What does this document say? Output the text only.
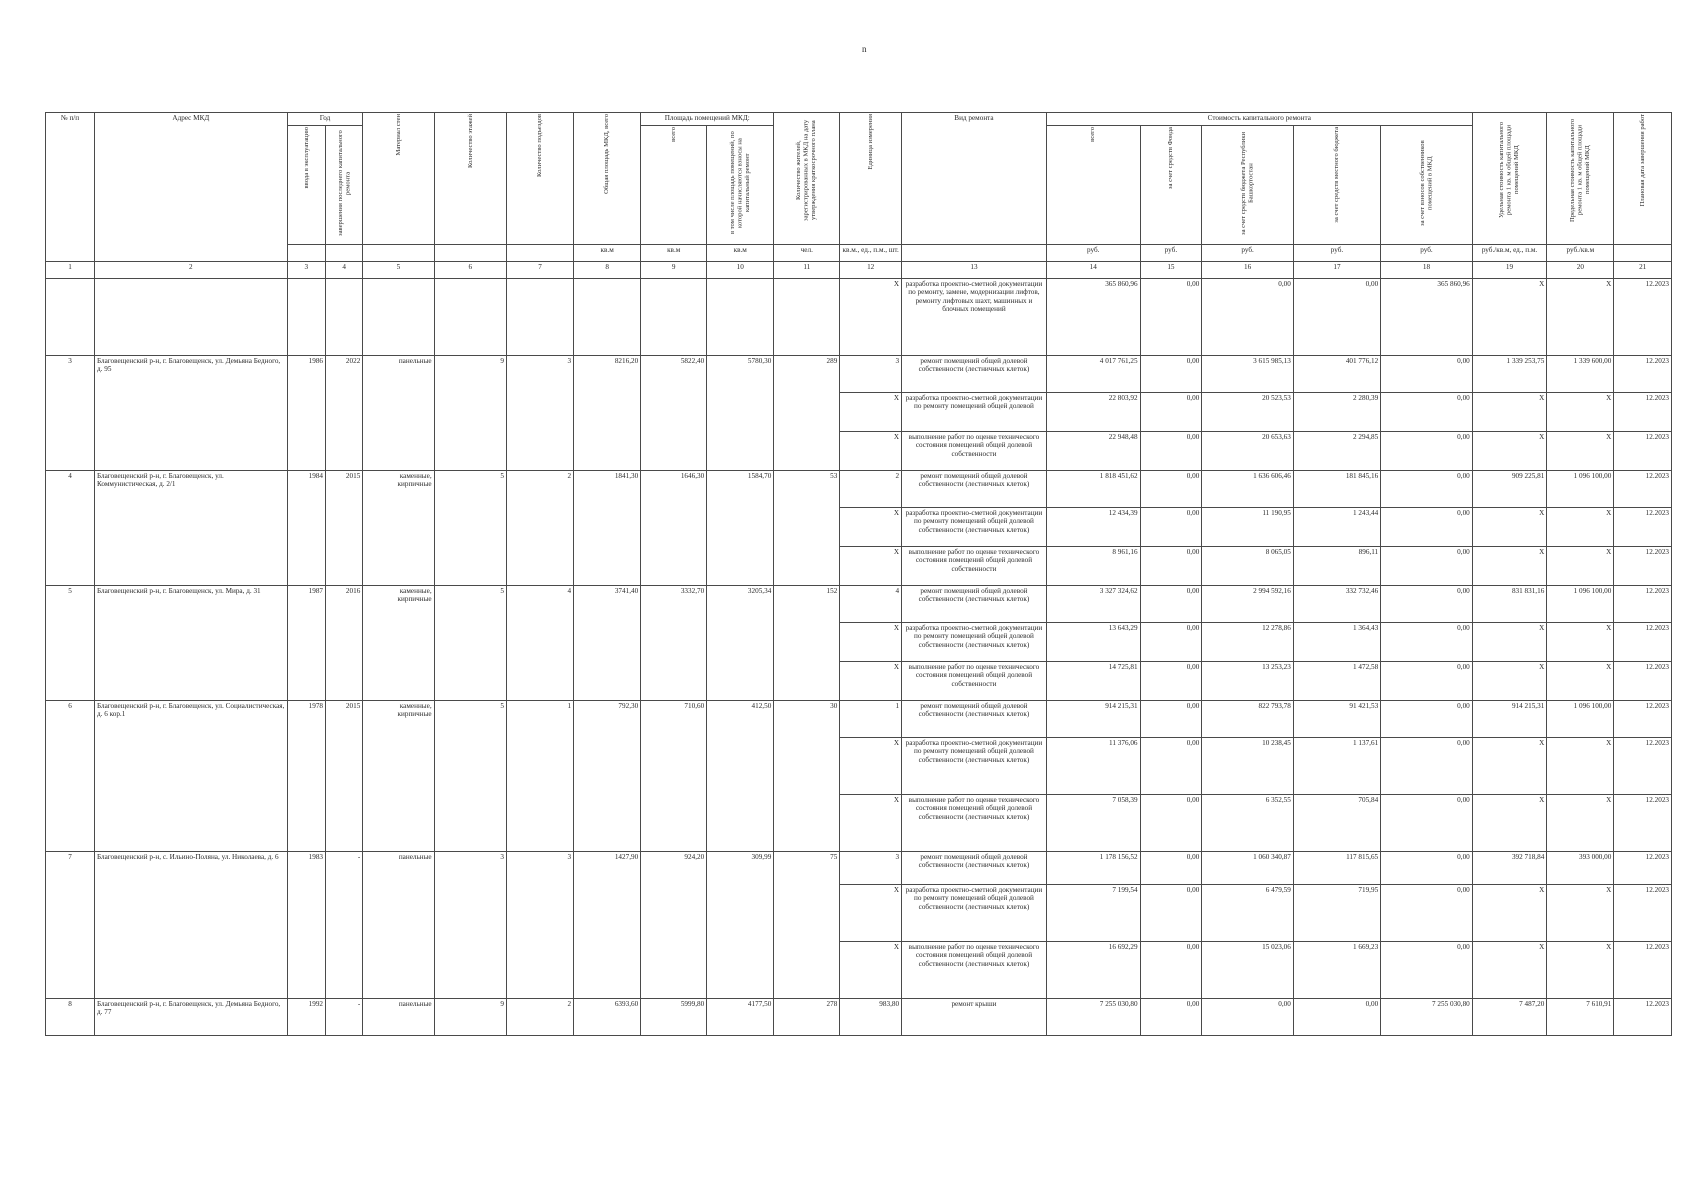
n
№ п/п	Адрес МКД	Год		Материал стен	Количество этажей	Количество подъездов	Общая площадь МКД, всего	Площадь помещений МКД:		Количество жителей, зарегистрированных в МКД на дату утверждения краткосрочного плана	Единица измерения	Вид ремонта	Стоимость капитального ремонта					Удельная стоимость капитального ремонта 1 кв. м общей площади помещений МКД	Предельная стоимость капитального ремонта 1 кв. м общей площади помещений МКД	Плановая дата завершения работ

		ввода в эксплуатацию	завершения последнего капитального ремонта					всего	в том числе площадь помещений, по которой начисляются взносы на капитальный ремонт				всего	за счет средств Фонда	за счет средств бюджета Республики Башкортостан	за счет средств местного бюджета	за счет взносов собственников помещений в МКД			

							кв.м	кв.м	кв.м	чел.	кв.м., ед., п.м., шт.		руб.	руб.	руб.	руб.	руб.	руб./кв.м, ед., п.м.	руб./кв.м	
1	2	3	4	5	6	7	8	9	10	11	12	13	14	15	16	17	18	19	20	21
											X	разработка проектно-сметной документации по ремонту, замене, модернизации лифтов, ремонту лифтовых шахт, машинных и блочных помещений	365 860,96	0,00	0,00	0,00	365 860,96	X	X	12.2023
3	Благовещенский р-н, г. Благовещенск, ул. Демьяна Бедного, д. 95	1986	2022	панельные	9	3	8216,20	5822,40	5780,30	289	3	ремонт помещений общей долевой собственности (лестничных клеток)	4 017 761,25	0,00	3 615 985,13	401 776,12	0,00	1 339 253,75	1 339 600,00	12.2023
											X	разработка проектно-сметной документации по ремонту помещений общей долевой	22 803,92	0,00	20 523,53	2 280,39	0,00	X	X	12.2023
											X	выполнение работ по оценке технического состояния помещений общей долевой собственности	22 948,48	0,00	20 653,63	2 294,85	0,00	X	X	12.2023
4	Благовещенский р-н, г. Благовещенск, ул. Коммунистическая, д. 2/1	1984	2015	каменные, кирпичные	5	2	1841,30	1646,30	1584,70	53	2	ремонт помещений общей долевой собственности (лестничных клеток)	1 818 451,62	0,00	1 636 606,46	181 845,16	0,00	909 225,81	1 096 100,00	12.2023
											X	разработка проектно-сметной документации по ремонту помещений общей долевой собственности (лестничных клеток)	12 434,39	0,00	11 190,95	1 243,44	0,00	X	X	12.2023
											X	выполнение работ по оценке технического состояния помещений общей долевой собственности	8 961,16	0,00	8 065,05	896,11	0,00	X	X	12.2023
5	Благовещенский р-н, г. Благовещенск, ул. Мира, д. 31	1987	2016	каменные, кирпичные	5	4	3741,40	3332,70	3205,34	152	4	ремонт помещений общей долевой собственности (лестничных клеток)	3 327 324,62	0,00	2 994 592,16	332 732,46	0,00	831 831,16	1 096 100,00	12.2023
											X	разработка проектно-сметной документации по ремонту помещений общей долевой собственности (лестничных клеток)	13 643,29	0,00	12 278,86	1 364,43	0,00	X	X	12.2023
											X	выполнение работ по оценке технического состояния помещений общей долевой собственности	14 725,81	0,00	13 253,23	1 472,58	0,00	X	X	12.2023
6	Благовещенский р-н, г. Благовещенск, ул. Социалистическая, д. 6 кор.1	1978	2015	каменные, кирпичные	5	1	792,30	710,60	412,50	30	1	ремонт помещений общей долевой собственности (лестничных клеток)	914 215,31	0,00	822 793,78	91 421,53	0,00	914 215,31	1 096 100,00	12.2023
											X	разработка проектно-сметной документации по ремонту помещений общей долевой собственности (лестничных клеток)	11 376,06	0,00	10 238,45	1 137,61	0,00	X	X	12.2023
											X	выполнение работ по оценке технического состояния помещений общей долевой собственности (лестничных клеток)	7 058,39	0,00	6 352,55	705,84	0,00	X	X	12.2023
7	Благовещенский р-н, с. Ильино-Поляна, ул. Николаева, д. 6	1983	-	панельные	3	3	1427,90	924,20	309,99	75	3	ремонт помещений общей долевой собственности (лестничных клеток)	1 178 156,52	0,00	1 060 340,87	117 815,65	0,00	392 718,84	393 000,00	12.2023
											X	разработка проектно-сметной документации по ремонту помещений общей долевой собственности (лестничных клеток)	7 199,54	0,00	6 479,59	719,95	0,00	X	X	12.2023
											X	выполнение работ по оценке технического состояния помещений общей долевой собственности (лестничных клеток)	16 692,29	0,00	15 023,06	1 669,23	0,00	X	X	12.2023
8	Благовещенский р-н, г. Благовещенск, ул. Демьяна Бедного, д. 77	1992	-	панельные	9	2	6393,60	5999,80	4177,50	278	983,80	ремонт крыши	7 255 030,80	0,00	0,00	0,00	7 255 030,80	7 487,20	7 610,91	12.2023
